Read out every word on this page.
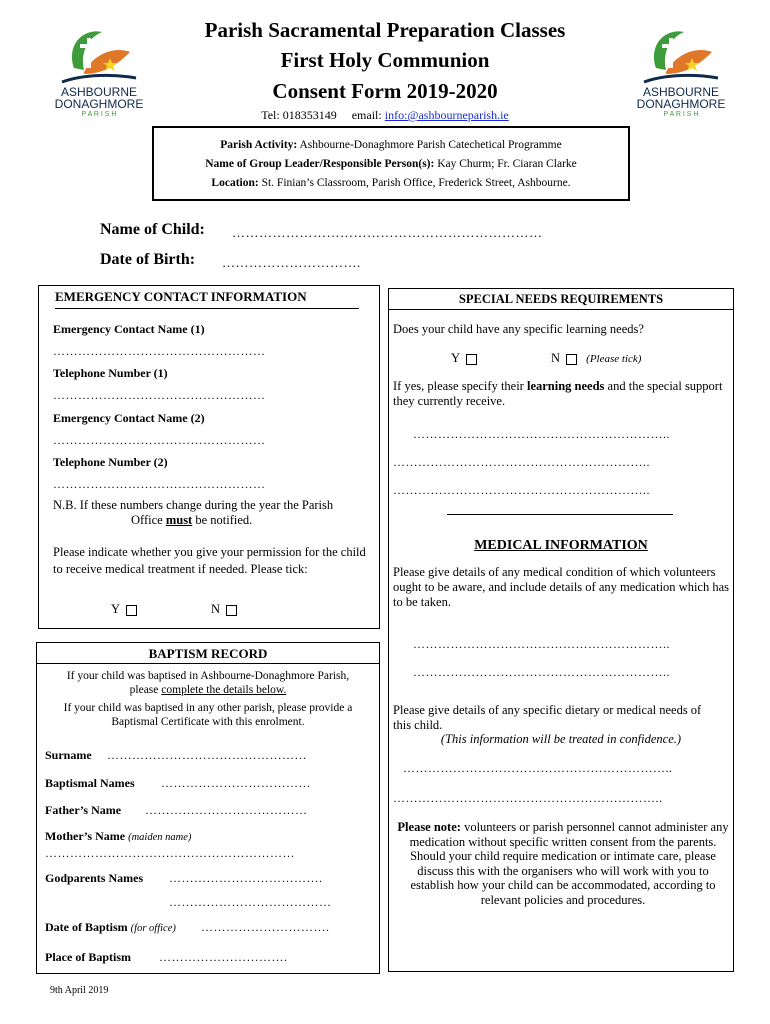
ASHBOURNE
DONAGHMORE
P A R I S H
ASHBOURNE
DONAGHMORE
P A R I S H
Parish Sacramental Preparation Classes
First Holy Communion
Consent Form 2019-2020
Tel: 018353149 email: info:@ashbourneparish.ie
Parish Activity: Ashbourne-Donaghmore Parish Catechetical Programme
Name of Group Leader/Responsible Person(s): Kay Churm; Fr. Ciaran Clarke
Location: St. Finian’s Classroom, Parish Office, Frederick Street, Ashbourne.
Name of Child: ……………………………………………………………
Date of Birth: ………………………….
EMERGENCY CONTACT INFORMATION
Emergency Contact Name (1)
……………………………………………
Telephone Number (1)
……………………………………………
Emergency Contact Name (2)
……………………………………………
Telephone Number (2)
……………………………………………
N.B. If these numbers change during the year the Parish
Office must be notified.
Please indicate whether you give your permission for the child to receive medical treatment if needed. Please tick:
Y	N
BAPTISM RECORD
If your child was baptised in Ashbourne-Donaghmore Parish,
please complete the details below.
If your child was baptised in any other parish, please provide a Baptismal Certificate with this enrolment.
Surname …………………………………………
Baptismal Names ………………………………
Father’s Name …………………………………
Mother’s Name (maiden name)
……………………………………………………
Godparents Names ……………………………….
…………………………………
Date of Baptism (for office) ………………………….
Place of Baptism ………………………….
SPECIAL NEEDS REQUIREMENTS
Does your child have any specific learning needs?
Y	N (Please tick)
If yes, please specify their learning needs and the special support they currently receive.
……………………………………………………..
……………………………………………………..
……………………………………………………..
MEDICAL INFORMATION
Please give details of any medical condition of which volunteers ought to be aware, and include details of any medication which has to be taken.
……………………………………………………..
……………………………………………………..
Please give details of any specific dietary or medical needs of this child.
(This information will be treated in confidence.)
………………………………………………………..
………………………………………………………..
Please note: volunteers or parish personnel cannot administer any medication without specific written consent from the parents. Should your child require medication or intimate care, please discuss this with the organisers who will work with you to establish how your child can be accommodated, according to relevant policies and procedures.
9th April 2019
